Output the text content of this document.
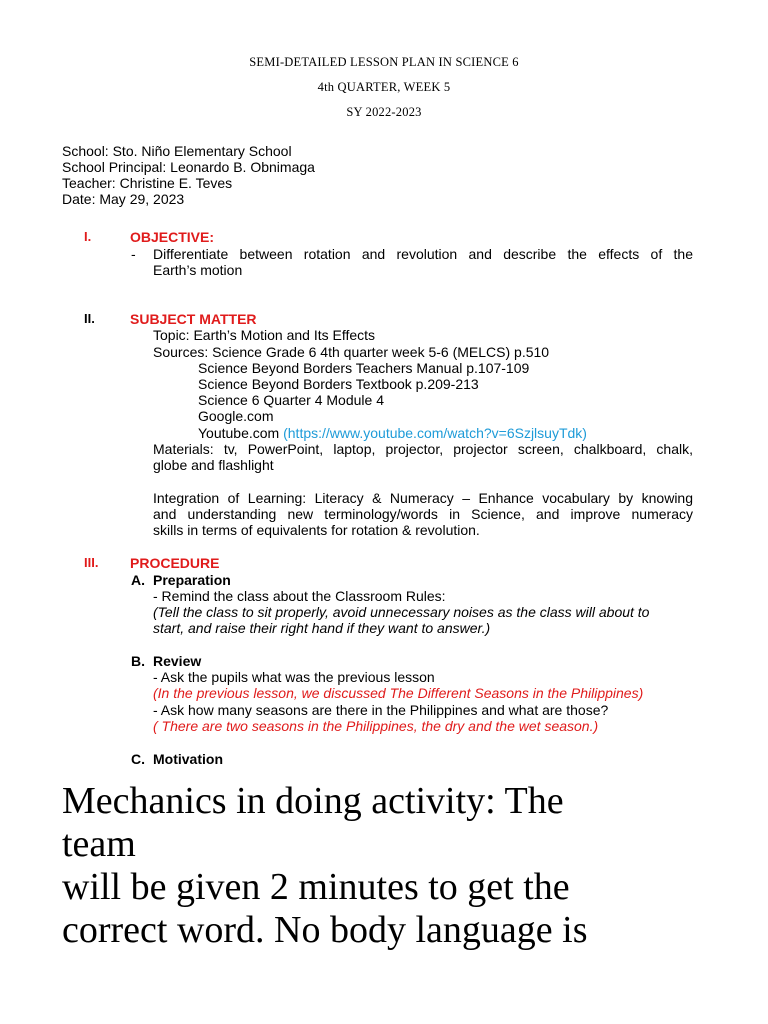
SEMI-DETAILED LESSON PLAN IN SCIENCE 6
4th QUARTER, WEEK 5
SY 2022-2023
School: Sto. Niño Elementary School
School Principal: Leonardo B. Obnimaga
Teacher: Christine E. Teves
Date: May 29, 2023
I.	OBJECTIVE:
- Differentiate between rotation and revolution and describe the effects of the
Earth’s motion
II.	SUBJECT MATTER
Topic: Earth’s Motion and Its Effects
Sources: Science Grade 6 4th quarter week 5-6 (MELCS) p.510
Science Beyond Borders Teachers Manual p.107-109
Science Beyond Borders Textbook p.209-213
Science 6 Quarter 4 Module 4
Google.com
Youtube.com (https://www.youtube.com/watch?v=6SzjlsuyTdk)
Materials: tv, PowerPoint, laptop, projector, projector screen, chalkboard, chalk,
globe and flashlight
Integration of Learning: Literacy & Numeracy – Enhance vocabulary by knowing
and understanding new terminology/words in Science, and improve numeracy
skills in terms of equivalents for rotation & revolution.
III. PROCEDURE
A. Preparation
- Remind the class about the Classroom Rules:
(Tell the class to sit properly, avoid unnecessary noises as the class will about to
start, and raise their right hand if they want to answer.)
B. Review
- Ask the pupils what was the previous lesson
(In the previous lesson, we discussed The Different Seasons in the Philippines)
- Ask how many seasons are there in the Philippines and what are those?
( There are two seasons in the Philippines, the dry and the wet season.)
C. Motivation
Mechanics in doing activity: The
team
will be given 2 minutes to get the
correct word. No body language is
